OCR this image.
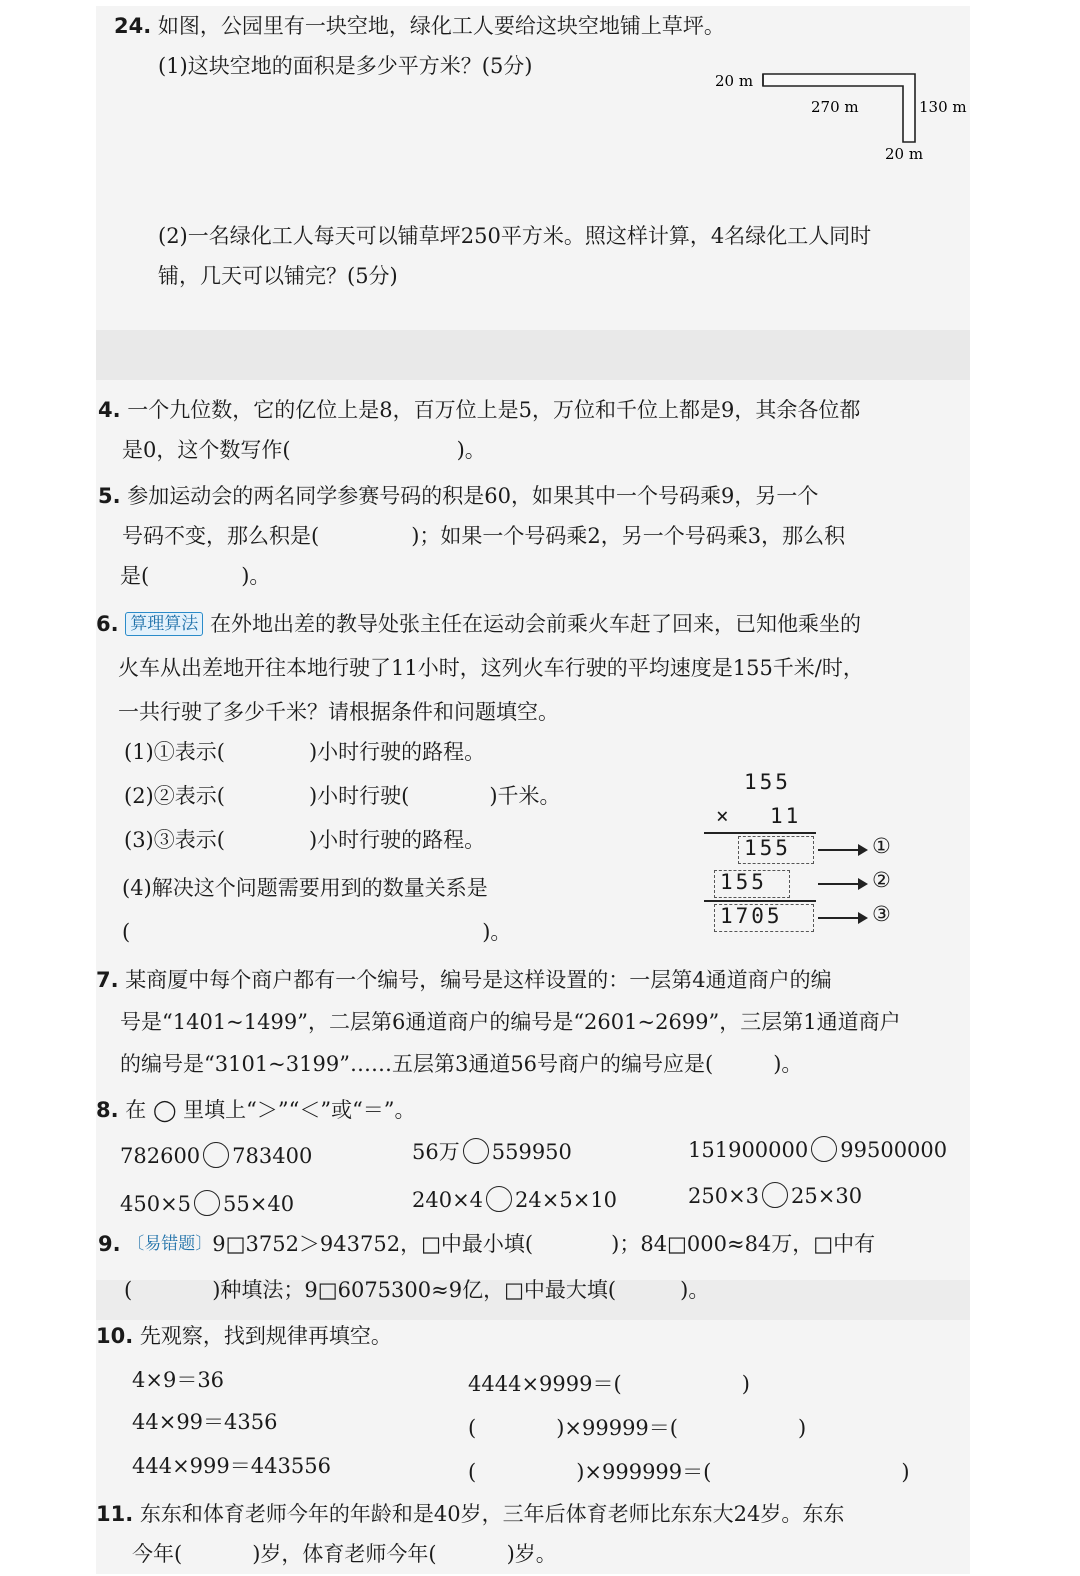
24. 如图，公园里有一块空地，绿化工人要给这块空地铺上草坪。
(1)这块空地的面积是多少平方米？(5分)
20 m
270 m	130 m
20 m
(2)一名绿化工人每天可以铺草坪250平方米。照这样计算，4名绿化工人同时
铺，几天可以铺完？(5分)
4. 一个九位数，它的亿位上是8，百万位上是5，万位和千位上都是9，其余各位都
是0，这个数写作(	)。
5. 参加运动会的两名同学参赛号码的积是60，如果其中一个号码乘9，另一个
号码不变，那么积是(	)；如果一个号码乘2，另一个号码乘3，那么积
是(	)。
6. 算理算法 在外地出差的教导处张主任在运动会前乘火车赶了回来，已知他乘坐的
火车从出差地开往本地行驶了11小时，这列火车行驶的平均速度是155千米/时，
一共行驶了多少千米？请根据条件和问题填空。
(1)①表示(	)小时行驶的路程。
(2)②表示(	)小时行驶(	)千米。
(3)③表示(	)小时行驶的路程。
(4)解决这个问题需要用到的数量关系是
(	)。
155
× 11
155	①
155	②
1705	③
7. 某商厦中每个商户都有一个编号，编号是这样设置的：一层第4通道商户的编
号是“1401~1499”，二层第6通道商户的编号是“2601~2699”，三层第1通道商户
的编号是“3101~3199”……五层第3通道56号商户的编号应是(	)。
8. 在 ◯ 里填上“＞”“＜”或“＝”。
782600 783400	56万 559950	151900000 99500000
450×5 55×40	240×4 24×5×10	250×3 25×30
9. 〔易错题〕9□3752＞943752，□中最小填(	)；84□000≈84万，□中有
(	)种填法；9□6075300≈9亿，□中最大填(	)。
10. 先观察，找到规律再填空。
4×9＝36
44×99＝4356
444×999＝443556
4444×9999＝(	)
(	)×99999＝(	)
(	)×999999＝(	)
11. 东东和体育老师今年的年龄和是40岁，三年后体育老师比东东大24岁。东东
今年(	)岁，体育老师今年(	)岁。
